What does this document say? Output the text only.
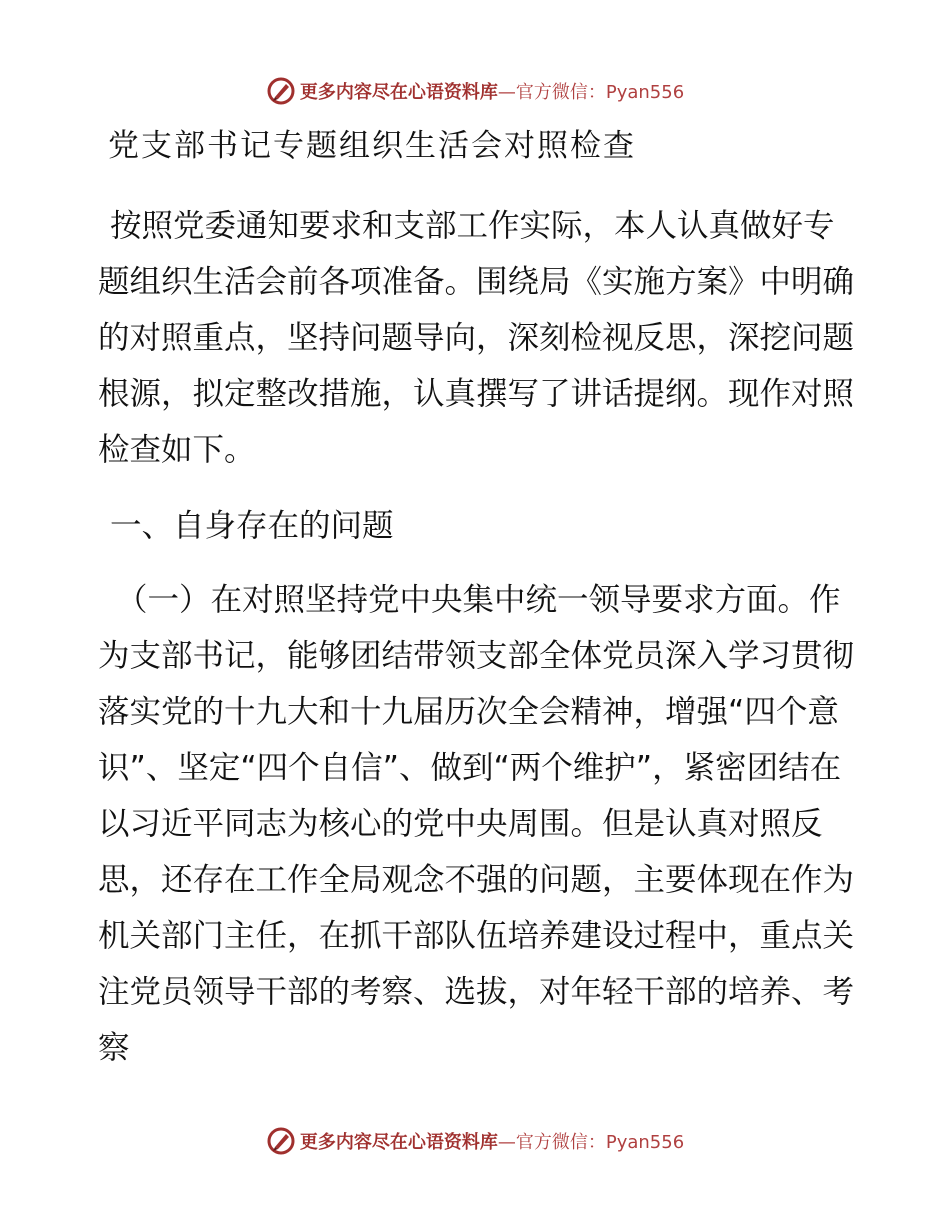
更多内容尽在心语资料库—官方微信：Pyan556
党支部书记专题组织生活会对照检查

按照党委通知要求和支部工作实际，本人认真做好专题组织生活会前各项准备。围绕局《实施方案》中明确的对照重点，坚持问题导向，深刻检视反思，深挖问题根源，拟定整改措施，认真撰写了讲话提纲。现作对照检查如下。

一、自身存在的问题

（一）在对照坚持党中央集中统一领导要求方面。作为支部书记，能够团结带领支部全体党员深入学习贯彻落实党的十九大和十九届历次全会精神，增强“四个意识”、坚定“四个自信”、做到“两个维护”，紧密团结在以习近平同志为核心的党中央周围。但是认真对照反思，还存在工作全局观念不强的问题，主要体现在作为机关部门主任，在抓干部队伍培养建设过程中，重点关注党员领导干部的考察、选拔，对年轻干部的培养、考察

更多内容尽在心语资料库—官方微信：Pyan556
